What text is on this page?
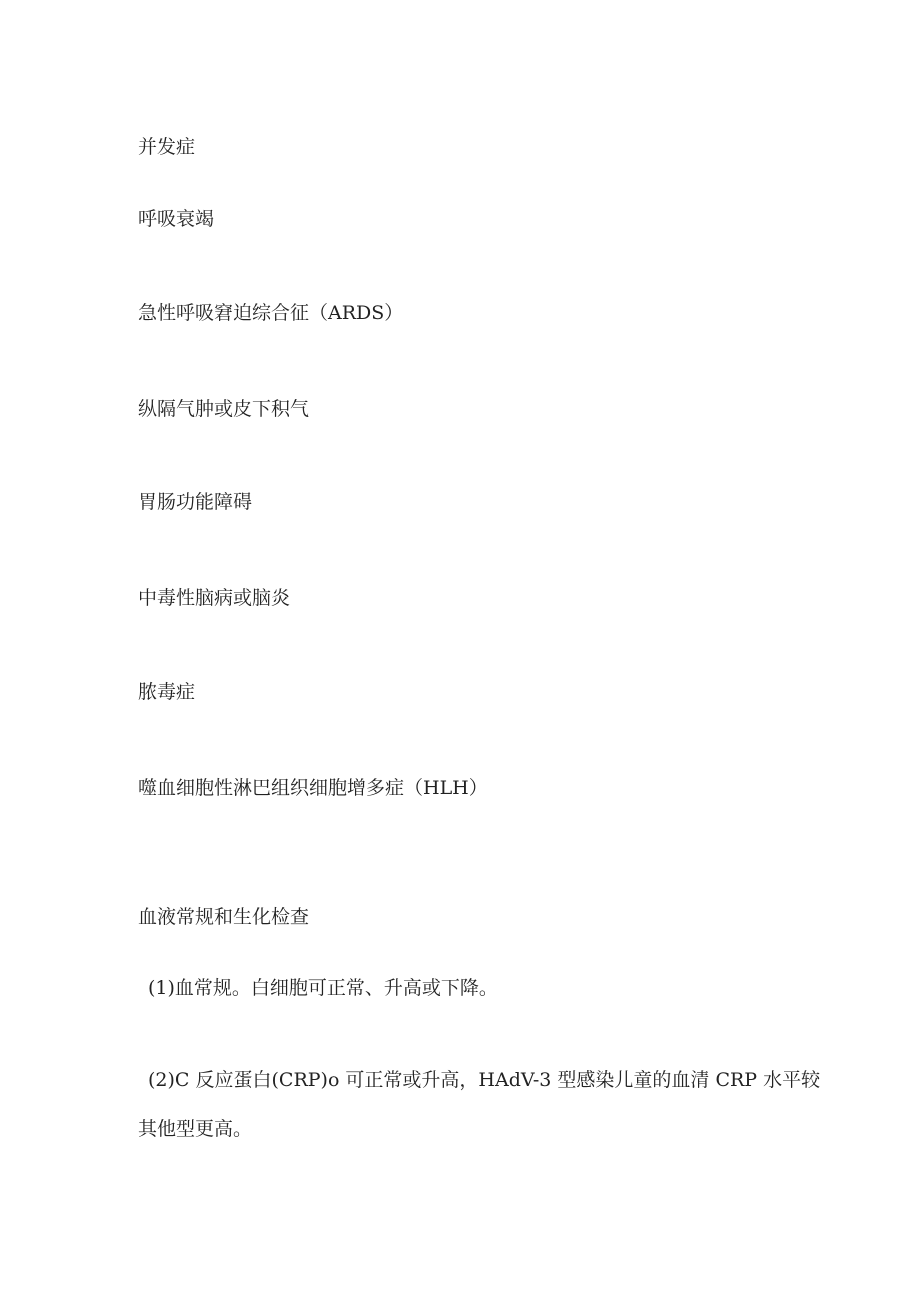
并发症

呼吸衰竭

急性呼吸窘迫综合征（ARDS）

纵隔气肿或皮下积气

胃肠功能障碍

中毒性脑病或脑炎

脓毒症

噬血细胞性淋巴组织细胞增多症（HLH）

血液常规和生化检查

(1)血常规。白细胞可正常、升高或下降。

(2)C 反应蛋白(CRP)o 可正常或升高，HAdV-3 型感染儿童的血清 CRP 水平较

其他型更高。
